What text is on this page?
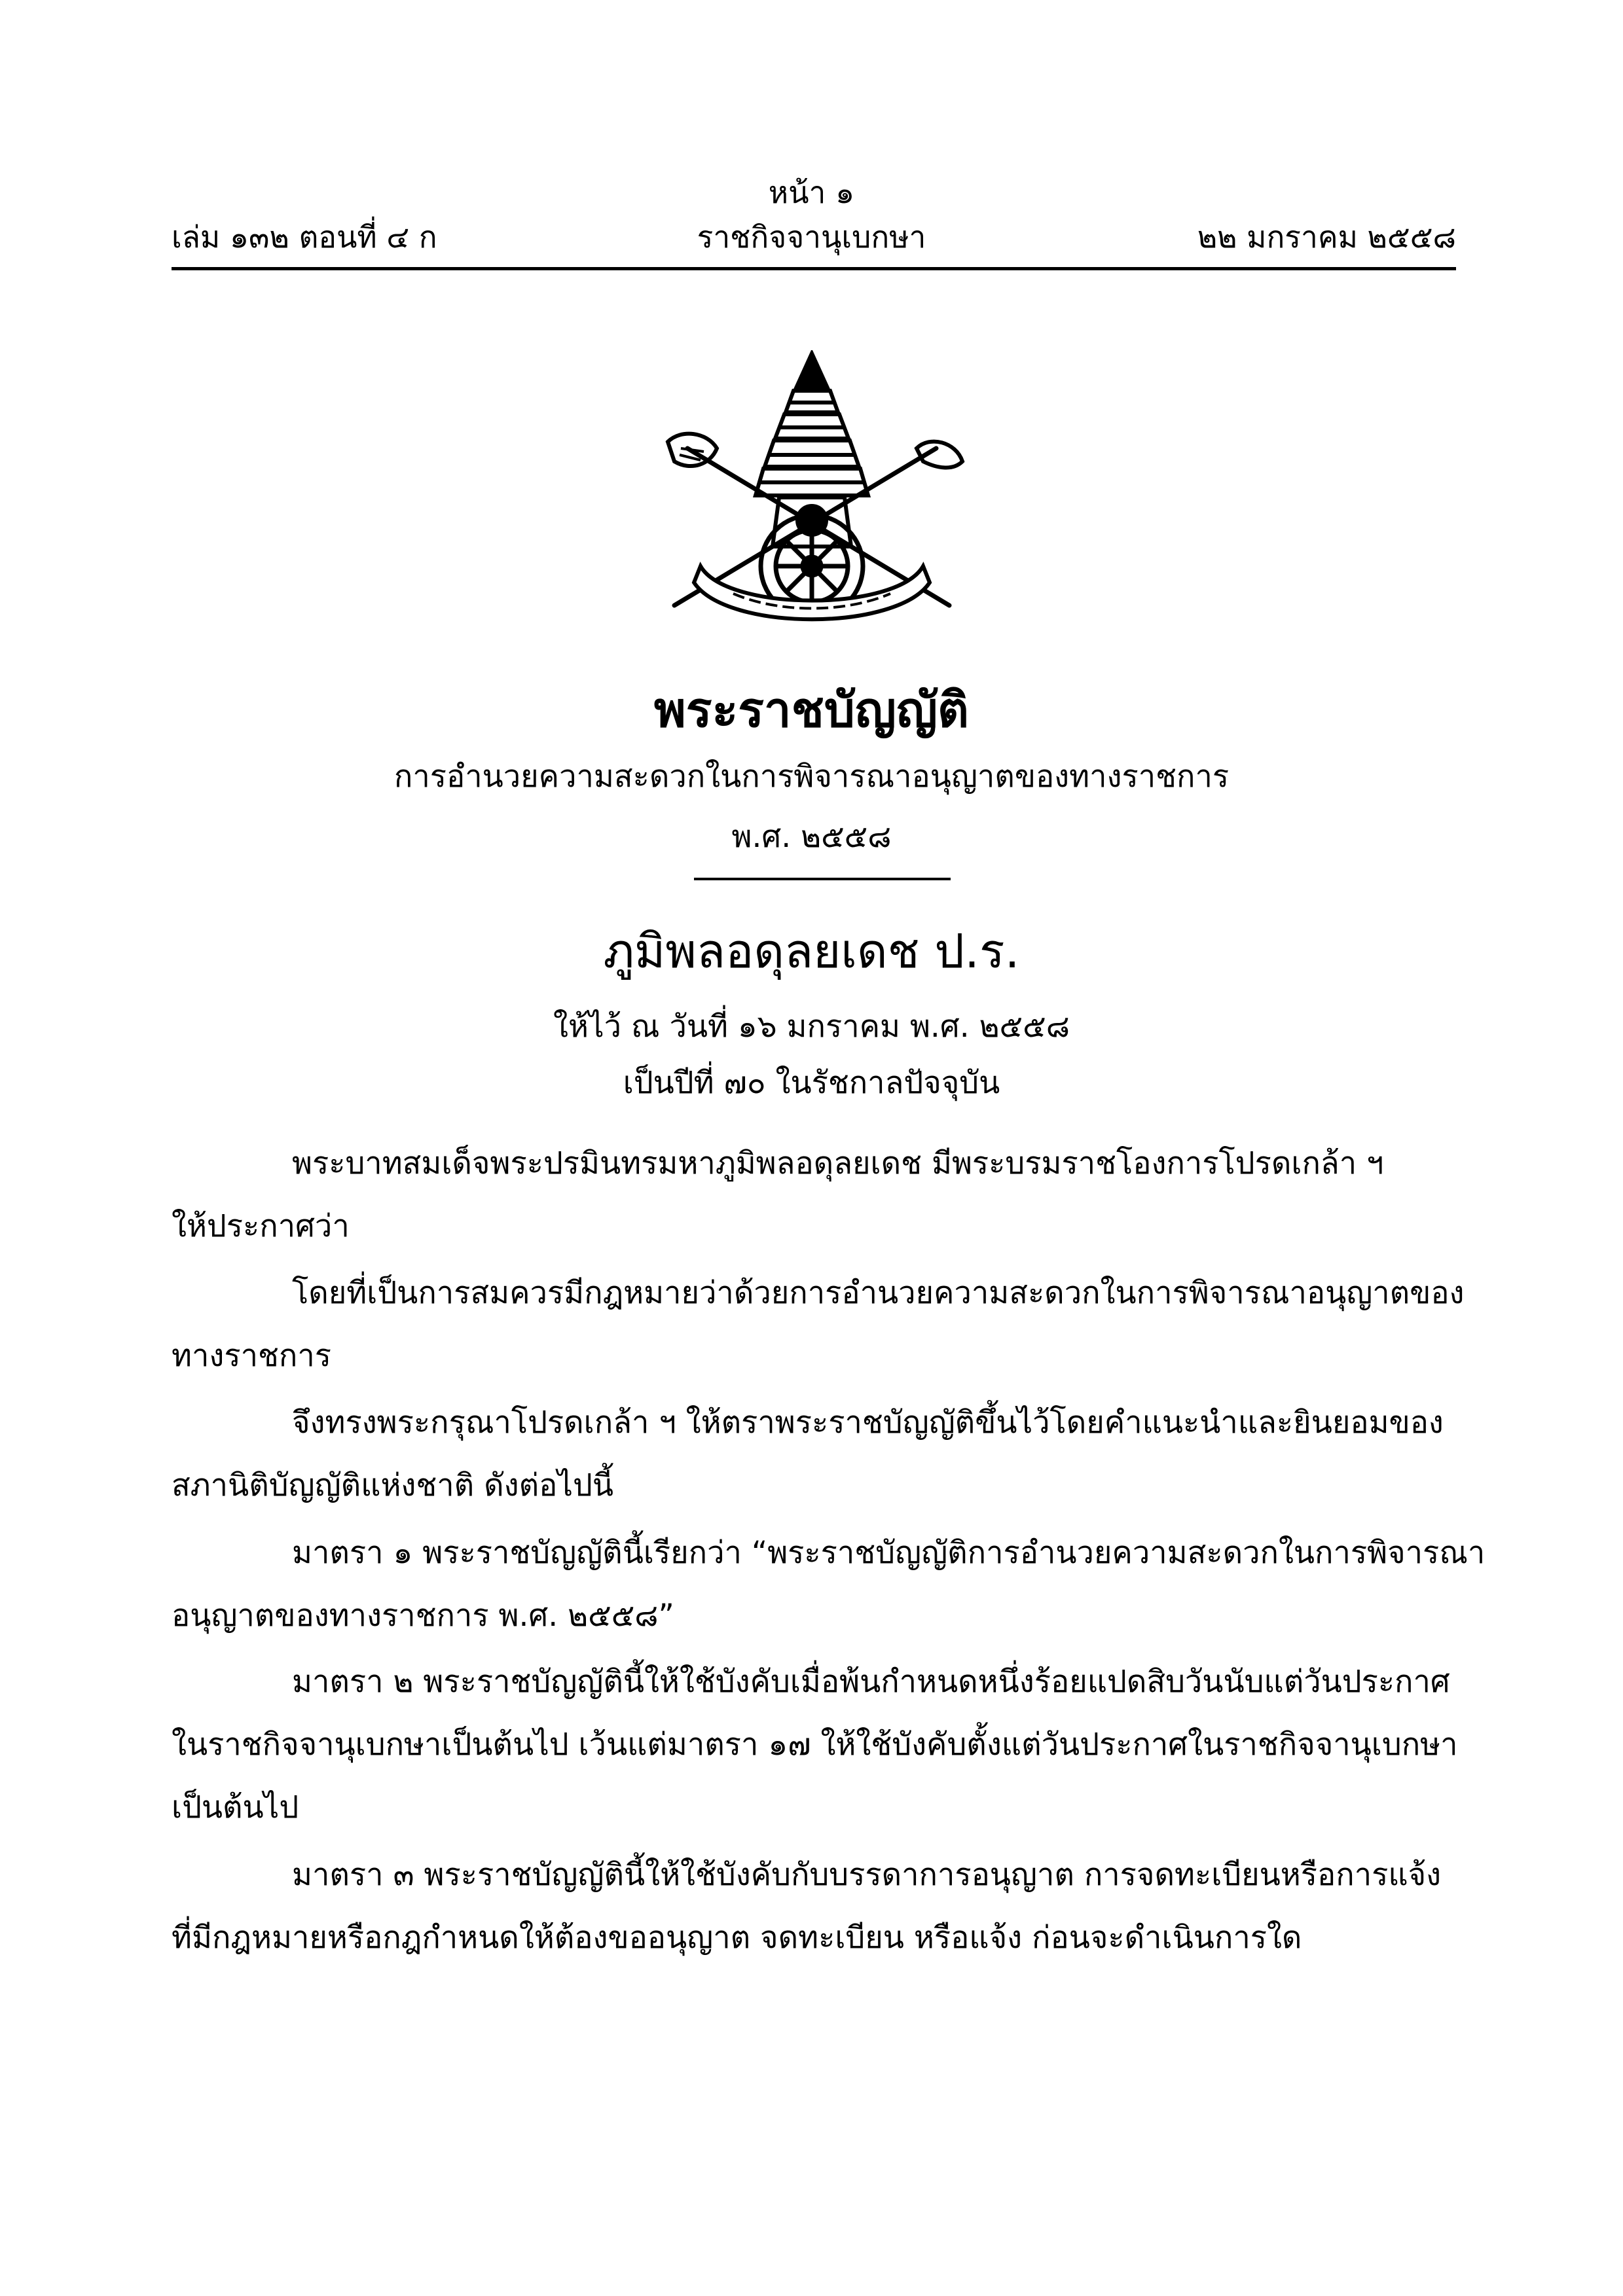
หน้า ๑
เล่ม ๑๓๒ ตอนที่ ๔ ก	ราชกิจจานุเบกษา	๒๒ มกราคม ๒๕๕๘
พระราชบัญญัติ
การอำนวยความสะดวกในการพิจารณาอนุญาตของทางราชการ
พ.ศ. ๒๕๕๘
ภูมิพลอดุลยเดช ป.ร.
ให้ไว้ ณ วันที่ ๑๖ มกราคม พ.ศ. ๒๕๕๘
เป็นปีที่ ๗๐ ในรัชกาลปัจจุบัน
พระบาทสมเด็จพระปรมินทรมหาภูมิพลอดุลยเดช มีพระบรมราชโองการโปรดเกล้า ฯ
ให้ประกาศว่า
โดยที่เป็นการสมควรมีกฎหมายว่าด้วยการอำนวยความสะดวกในการพิจารณาอนุญาตของ
ทางราชการ
จึงทรงพระกรุณาโปรดเกล้า ฯ ให้ตราพระราชบัญญัติขึ้นไว้โดยคำแนะนำและยินยอมของ
สภานิติบัญญัติแห่งชาติ ดังต่อไปนี้
มาตรา ๑ พระราชบัญญัตินี้เรียกว่า “พระราชบัญญัติการอำนวยความสะดวกในการพิจารณา
อนุญาตของทางราชการ พ.ศ. ๒๕๕๘”
มาตรา ๒ พระราชบัญญัตินี้ให้ใช้บังคับเมื่อพ้นกำหนดหนึ่งร้อยแปดสิบวันนับแต่วันประกาศ
ในราชกิจจานุเบกษาเป็นต้นไป เว้นแต่มาตรา ๑๗ ให้ใช้บังคับตั้งแต่วันประกาศในราชกิจจานุเบกษา
เป็นต้นไป
มาตรา ๓ พระราชบัญญัตินี้ให้ใช้บังคับกับบรรดาการอนุญาต การจดทะเบียนหรือการแจ้ง
ที่มีกฎหมายหรือกฎกำหนดให้ต้องขออนุญาต จดทะเบียน หรือแจ้ง ก่อนจะดำเนินการใด
